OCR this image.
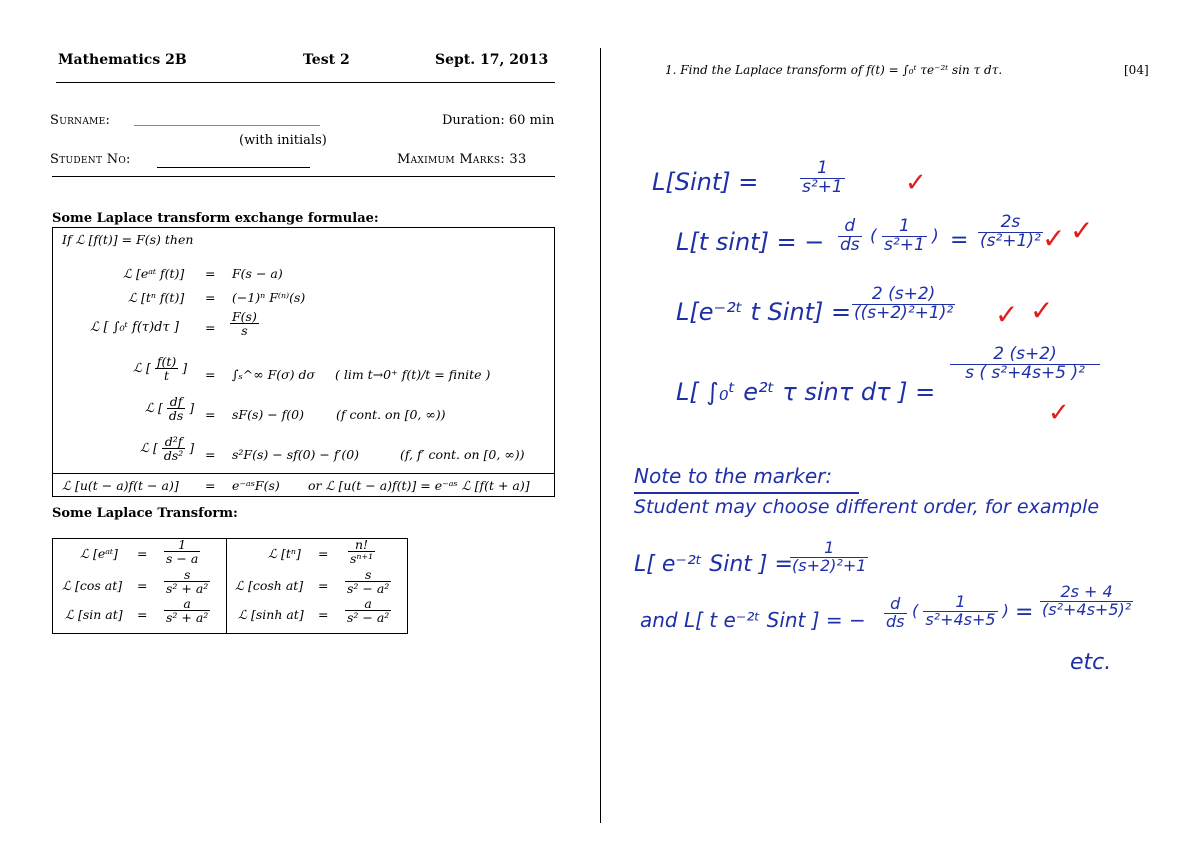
Mathematics 2B	Test 2	Sept. 17, 2013
Surname: _______________________________	Duration: 60 min
(with initials)
Student No:	Maximum Marks: 33
Some Laplace transform exchange formulae:
If ℒ [f(t)] = F(s) then
ℒ [eᵃᵗ f(t)] = F(s − a)
ℒ [tⁿ f(t)] = (−1)ⁿ F⁽ⁿ⁾(s)
ℒ [ ∫₀ᵗ f(τ)dτ ] = $\frac{F(s)}{s}$
ℒ [ $\frac{f(t)}{t}$ ] = ∫ₛ^∞ F(σ) dσ ( lim t→0⁺ f(t)/t = finite )
ℒ [ $\frac{df}{ds}$ ] = sF(s) − f(0)	(f cont. on [0, ∞))
ℒ [ $\frac{\text{d²f}}{\text{ds²}}$ ] = s²F(s) − sf(0) − f′(0)	(f, f′ cont. on [0, ∞))
ℒ [u(t − a)f(t − a)] = e⁻ᵃˢF(s) or ℒ [u(t − a)f(t)] = e⁻ᵃˢ ℒ [f(t + a)]
Some Laplace Transform:
ℒ [eᵃᵗ] = $\frac{1}{s - a}$
ℒ [cos $at] = \frac{s}{\text{s² + a²}}$
ℒ [sin $at] = \frac{a}{\text{s² + a²}}$
ℒ $[t^n] = \frac{n!}{\text{sⁿ⁺¹}}$
ℒ [cosh $at] = \frac{s}{\text{s² − a²}}$
ℒ [sinh $at] = \frac{a}{\text{s² − a²}}$
1. Find the Laplace transform of f(t) = ∫₀ᵗ τe⁻²ᵗ sin τ dτ.	[04]
L[Sint] = $\frac{1}{\text{s²+1}}$ ✓
L[t sint] = − $\frac{d}{ds}$ ( $\frac{1}{\text{s²+1}}$ ) = $\frac{2s}{\text{(s²+1)²}}$ ✓ ✓
L[e⁻²ᵗ t Sint] = $\frac{2 (s+2)}{\text{((s+2)²+1)²}}$ ✓ ✓
L[ ∫₀ᵗ e²ᵗ τ sinτ dτ ] =
$\frac{2 (s+2)}{\text{s ( s²+4s+5 )²}}$
✓
Note to the marker:
Student may choose different order, for example
L[ e⁻²ᵗ Sint ] =
$\frac{1}{\text{(s+2)²+1}}$
and L[ t e⁻²ᵗ Sint ] = − $\frac{d}{ds}$ ( $\frac{1}{\text{s²+4s+5}}$ ) = $\frac{2s + 4}{\text{(s²+4s+5)²}}$
etc.
